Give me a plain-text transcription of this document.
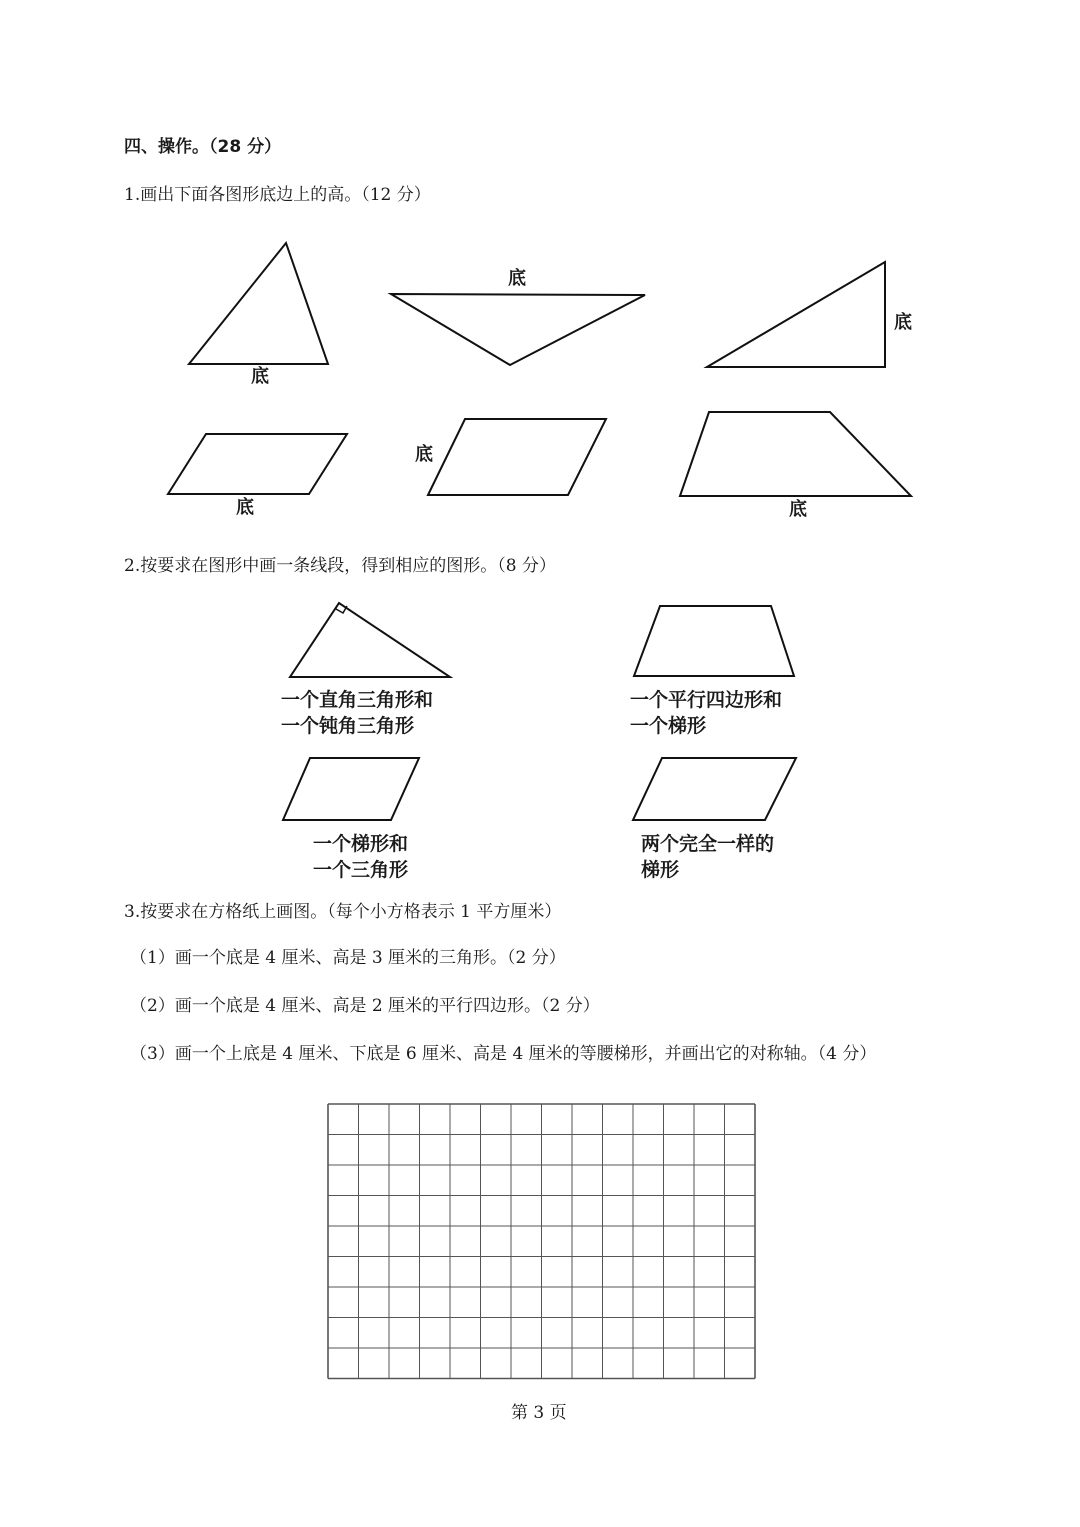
四、操作。（28 分）
1.画出下面各图形底边上的高。（12 分）
底
底
底
底
底
底
2.按要求在图形中画一条线段，得到相应的图形。（8 分）
一个直角三角形和
一个钝角三角形
一个平行四边形和
一个梯形
一个梯形和
一个三角形
两个完全一样的
梯形
3.按要求在方格纸上画图。（每个小方格表示 1 平方厘米）
（1）画一个底是 4 厘米、高是 3 厘米的三角形。（2 分）
（2）画一个底是 4 厘米、高是 2 厘米的平行四边形。（2 分）
（3）画一个上底是 4 厘米、下底是 6 厘米、高是 4 厘米的等腰梯形，并画出它的对称轴。（4 分）
第 3 页
